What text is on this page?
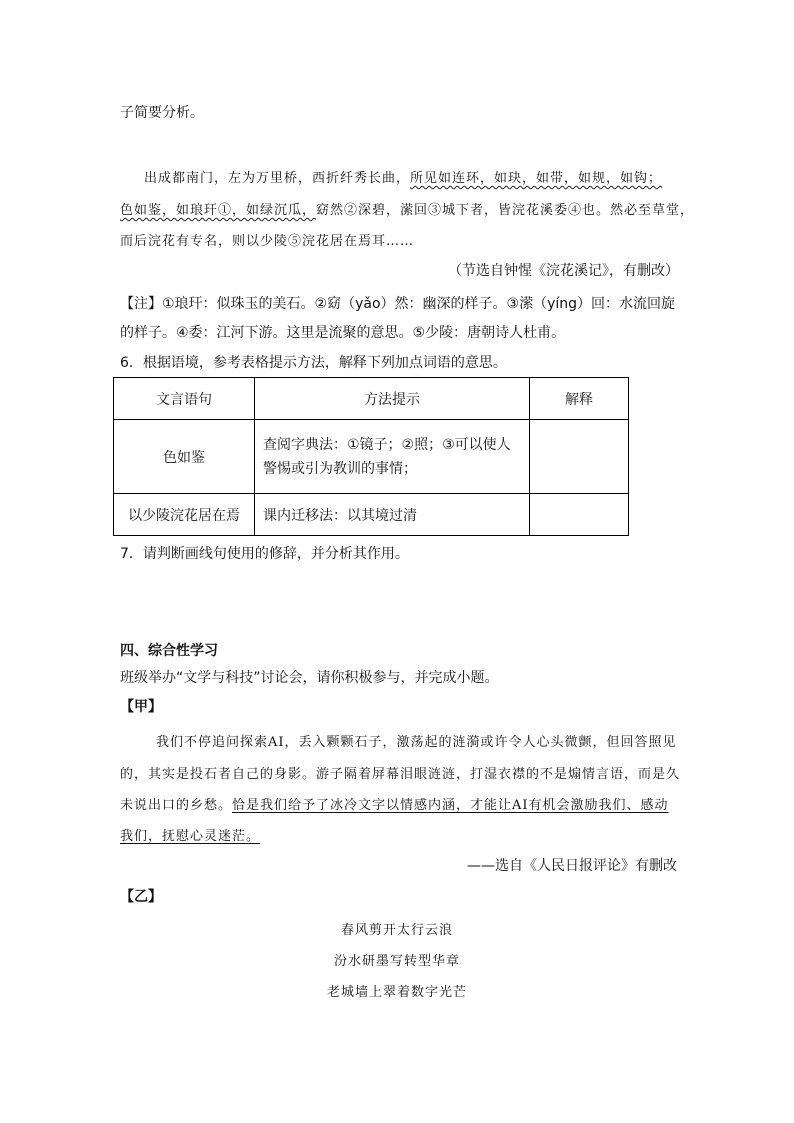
子简要分析。
出成都南门，左为万里桥，西折纤秀长曲，所见如连环，如玦，如带，如规，如钩；
色如鉴，如琅玕①，如绿沉瓜，窈然②深碧，潆回③城下者，皆浣花溪委④也。然必至草堂，
而后浣花有专名，则以少陵⑤浣花居在焉耳……
（节选自钟惺《浣花溪记》，有删改）
【注】①琅玕：似珠玉的美石。②窈（yǎo）然：幽深的样子。③潆（yíng）回：水流回旋
的样子。④委：江河下游。这里是流聚的意思。⑤少陵：唐朝诗人杜甫。
6．根据语境，参考表格提示方法，解释下列加点词语的意思。
文言语句	方法提示	解释
色如鉴	查阅字典法：①镜子；②照；③可以使人
警惕或引为教训的事情；	

以少陵浣花居在焉	课内迁移法：以其境过清	
7．请判断画线句使用的修辞，并分析其作用。
四、综合性学习
班级举办“文学与科技”讨论会，请你积极参与，并完成小题。
【甲】
我们不停追问探索AI，丢入颗颗石子，激荡起的涟漪或许令人心头微颤，但回答照见
的，其实是投石者自己的身影。游子隔着屏幕泪眼涟涟，打湿衣襟的不是煽情言语，而是久
未说出口的乡愁。恰是我们给予了冰冷文字以情感内涵，才能让AI有机会激励我们、感动
我们，抚慰心灵迷茫。
——选自《人民日报评论》有删改
【乙】
春风剪开太行云浪
汾水研墨写转型华章
老城墙上翠着数字光芒
